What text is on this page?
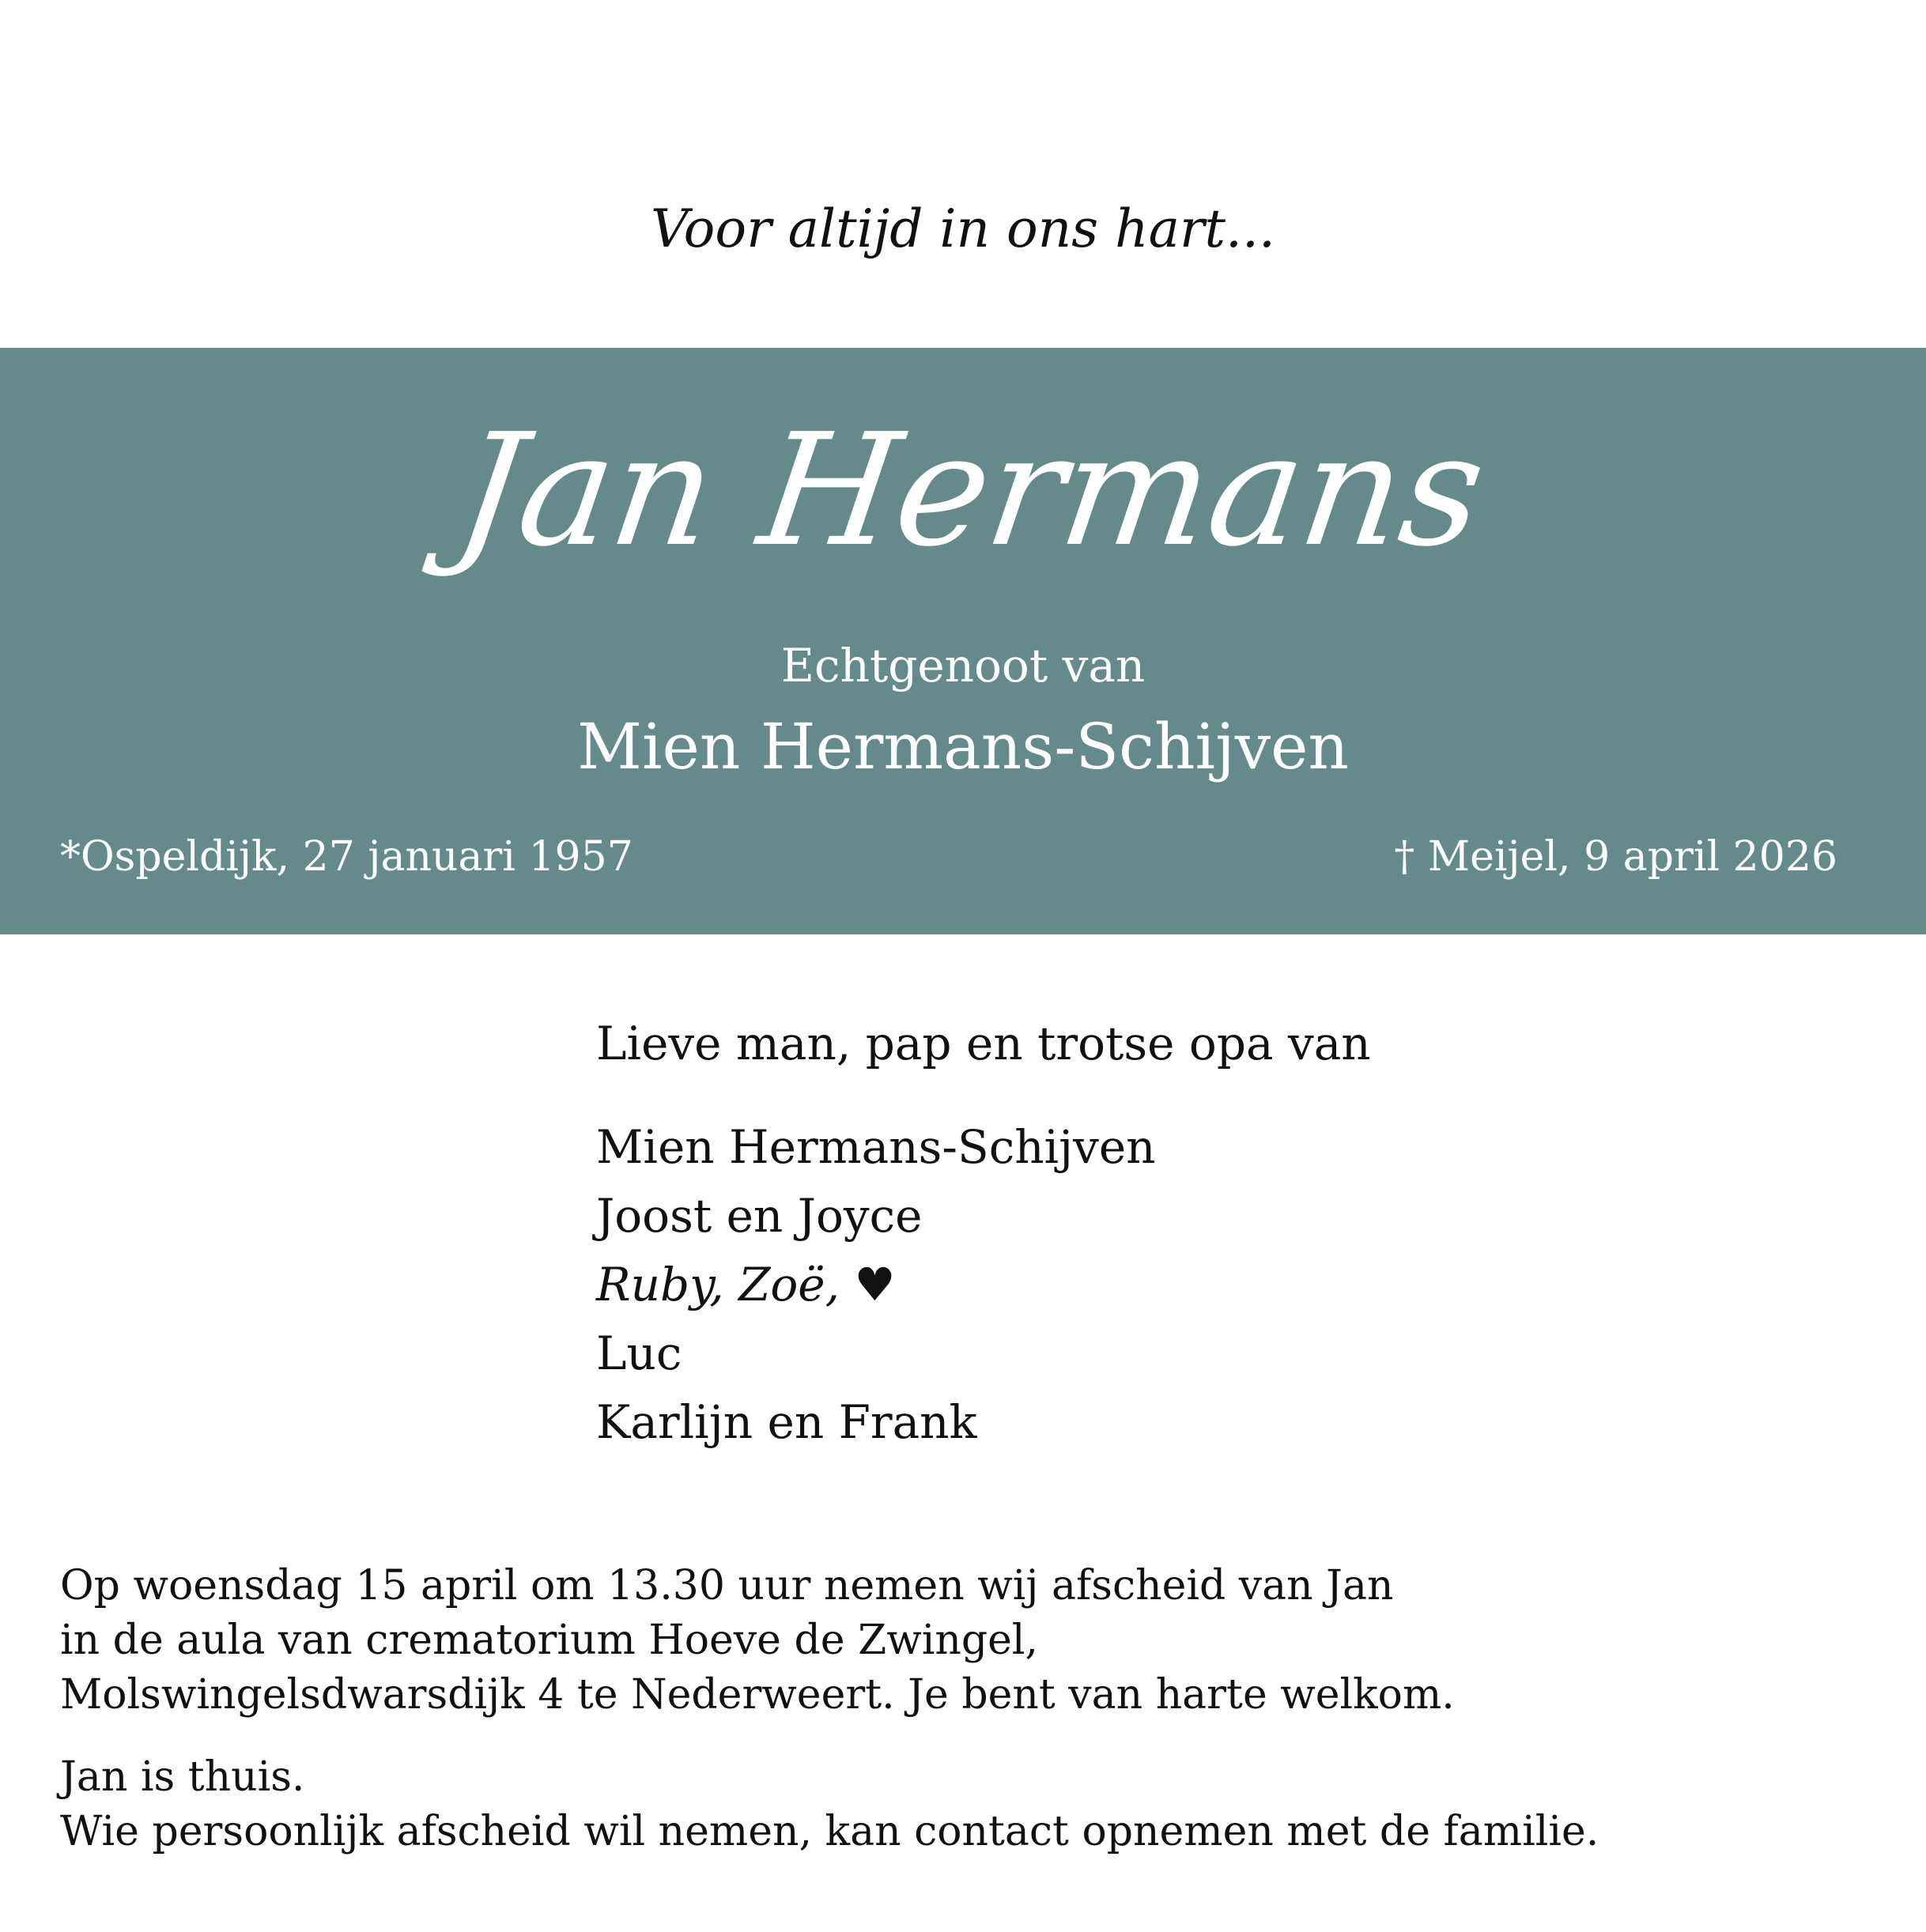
Voor altijd in ons hart...
Jan Hermans
Echtgenoot van
Mien Hermans-Schijven
*Ospeldijk, 27 januari 1957	† Meijel, 9 april 2026
Lieve man, pap en trotse opa van
Mien Hermans-Schijven
Joost en Joyce
Ruby, Zoë, ♥
Luc
Karlijn en Frank
Op woensdag 15 april om 13.30 uur nemen wij afscheid van Jan
in de aula van crematorium Hoeve de Zwingel,
Molswingelsdwarsdijk 4 te Nederweert. Je bent van harte welkom.
Jan is thuis.
Wie persoonlijk afscheid wil nemen, kan contact opnemen met de familie.
